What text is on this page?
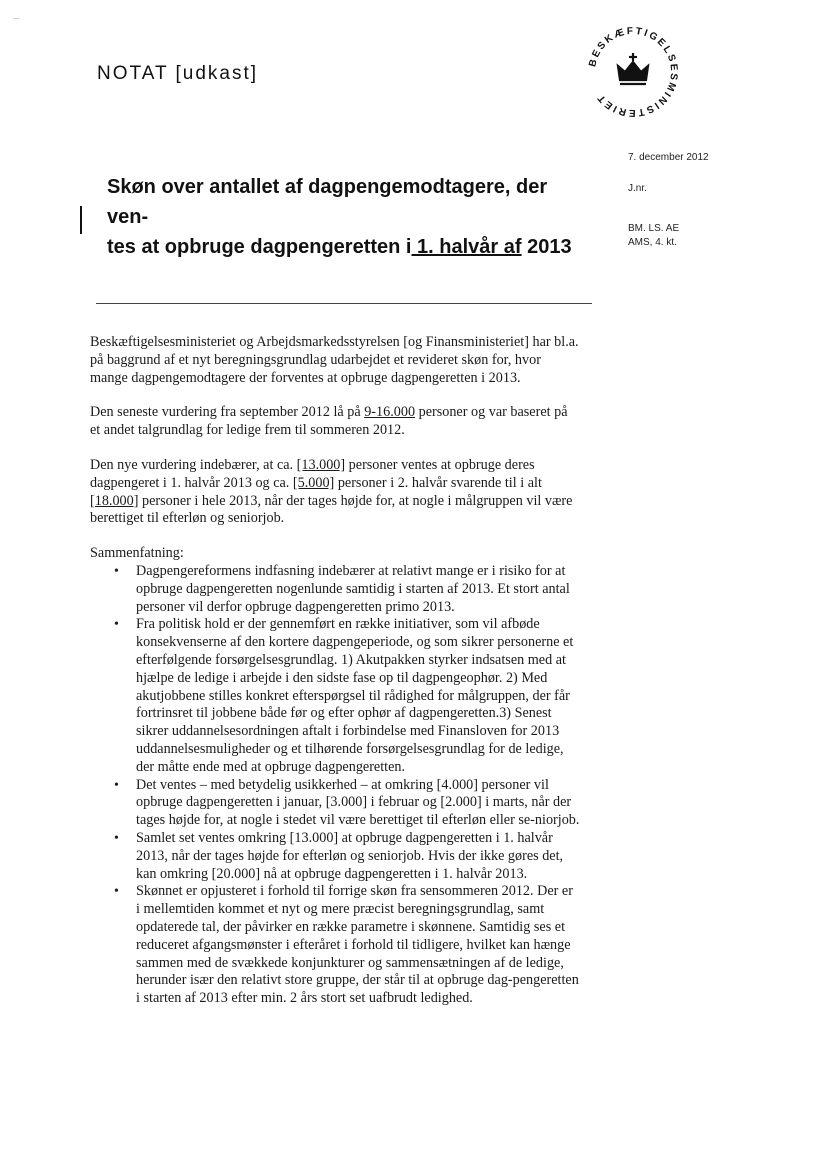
¯
NOTAT [udkast]
BESKÆFTIGELSESMINISTERIET
7. december 2012
J.nr.
BM. LS. AE
AMS, 4. kt.
Skøn over antallet af dagpengemodtagere, der ven-
tes at opbruge dagpengeretten i 1. halvår af 2013

Beskæftigelsesministeriet og Arbejdsmarkedsstyrelsen [og Finansministeriet] har bl.a. på baggrund af et nyt beregningsgrundlag udarbejdet et revideret skøn for, hvor mange dagpengemodtagere der forventes at opbruge dagpengeretten i 2013.

Den seneste vurdering fra september 2012 lå på 9-16.000 personer og var baseret på et andet talgrundlag for ledige frem til sommeren 2012.

Den nye vurdering indebærer, at ca. [13.000] personer ventes at opbruge deres dagpengeret i 1. halvår 2013 og ca. [5.000] personer i 2. halvår svarende til i alt [18.000] personer i hele 2013, når der tages højde for, at nogle i målgruppen vil være berettiget til efterløn og seniorjob.

Sammenfatning:
• Dagpengereformens indfasning indebærer at relativt mange er i risiko for at opbruge dagpengeretten nogenlunde samtidig i starten af 2013. Et stort antal personer vil derfor opbruge dagpengeretten primo 2013.
• Fra politisk hold er der gennemført en række initiativer, som vil afbøde konsekvenserne af den kortere dagpengeperiode, og som sikrer personerne et efterfølgende forsørgelsesgrundlag. 1) Akutpakken styrker indsatsen med at hjælpe de ledige i arbejde i den sidste fase op til dagpengeophør. 2) Med akutjobbene stilles konkret efterspørgsel til rådighed for målgruppen, der får fortrinsret til jobbene både før og efter ophør af dagpengeretten.3) Senest sikrer uddannelsesordningen aftalt i forbindelse med Finansloven for 2013 uddannelsesmuligheder og et tilhørende forsørgelsesgrundlag for de ledige, der måtte ende med at opbruge dagpengeretten.
• Det ventes – med betydelig usikkerhed – at omkring [4.000] personer vil opbruge dagpengeretten i januar, [3.000] i februar og [2.000] i marts, når der tages højde for, at nogle i stedet vil være berettiget til efterløn eller se-niorjob.
• Samlet set ventes omkring [13.000] at opbruge dagpengeretten i 1. halvår 2013, når der tages højde for efterløn og seniorjob. Hvis der ikke gøres det, kan omkring [20.000] nå at opbruge dagpengeretten i 1. halvår 2013.
• Skønnet er opjusteret i forhold til forrige skøn fra sensommeren 2012. Der er i mellemtiden kommet et nyt og mere præcist beregningsgrundlag, samt opdaterede tal, der påvirker en række parametre i skønnene. Samtidig ses et reduceret afgangsmønster i efteråret i forhold til tidligere, hvilket kan hænge sammen med de svækkede konjunkturer og sammensætningen af de ledige, herunder især den relativt store gruppe, der står til at opbruge dag-pengeretten i starten af 2013 efter min. 2 års stort set uafbrudt ledighed.
